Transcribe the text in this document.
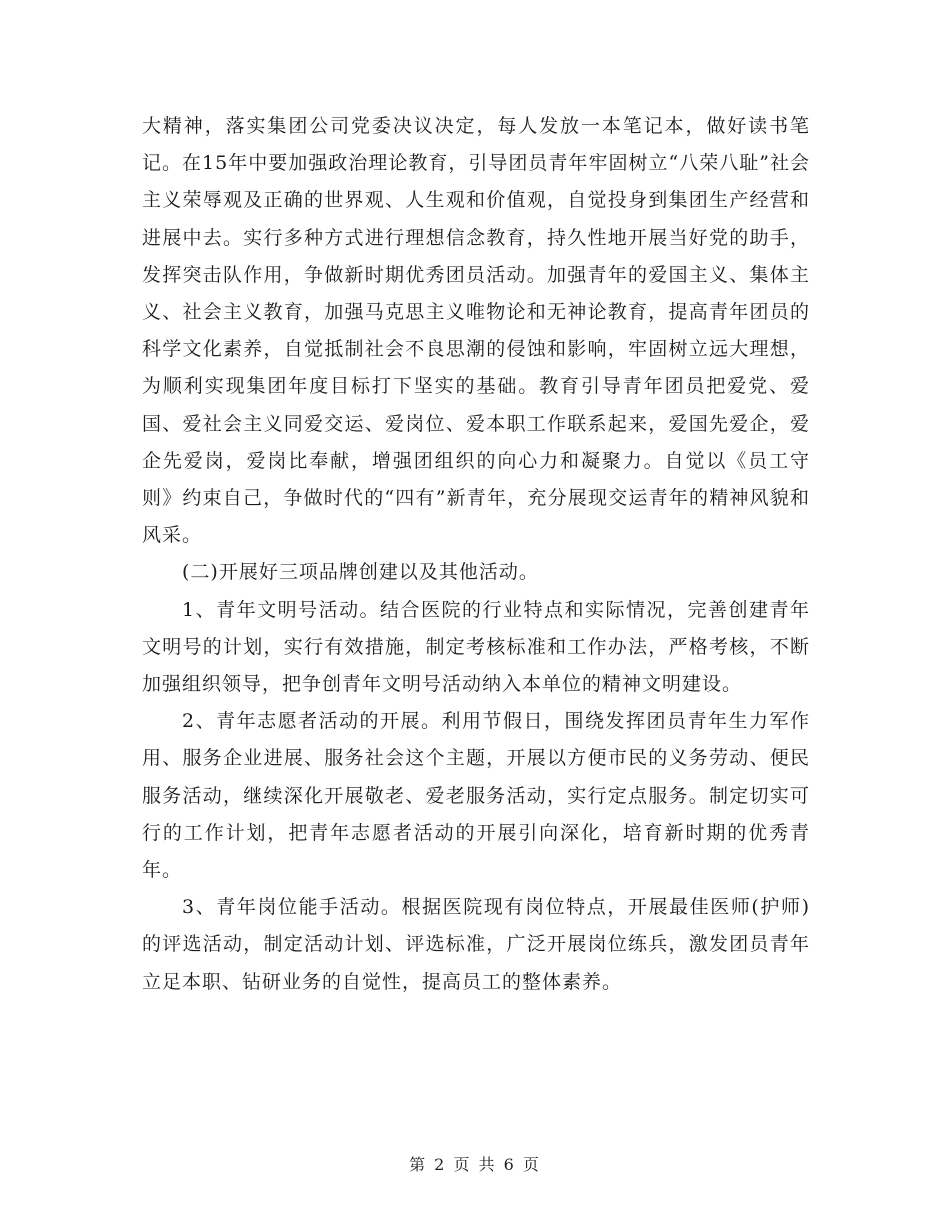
大精神，落实集团公司党委决议决定，每人发放一本笔记本，做好读书笔记。在15年中要加强政治理论教育，引导团员青年牢固树立“八荣八耻”社会主义荣辱观及正确的世界观、人生观和价值观，自觉投身到集团生产经营和进展中去。实行多种方式进行理想信念教育，持久性地开展当好党的助手，发挥突击队作用，争做新时期优秀团员活动。加强青年的爱国主义、集体主义、社会主义教育，加强马克思主义唯物论和无神论教育，提高青年团员的科学文化素养，自觉抵制社会不良思潮的侵蚀和影响，牢固树立远大理想，为顺利实现集团年度目标打下坚实的基础。教育引导青年团员把爱党、爱国、爱社会主义同爱交运、爱岗位、爱本职工作联系起来，爱国先爱企，爱企先爱岗，爱岗比奉献，增强团组织的向心力和凝聚力。自觉以《员工守则》约束自己，争做时代的“四有”新青年，充分展现交运青年的精神风貌和风采。

(二)开展好三项品牌创建以及其他活动。

1、青年文明号活动。结合医院的行业特点和实际情况，完善创建青年文明号的计划，实行有效措施，制定考核标准和工作办法，严格考核，不断加强组织领导，把争创青年文明号活动纳入本单位的精神文明建设。

2、青年志愿者活动的开展。利用节假日，围绕发挥团员青年生力军作用、服务企业进展、服务社会这个主题，开展以方便市民的义务劳动、便民服务活动，继续深化开展敬老、爱老服务活动，实行定点服务。制定切实可行的工作计划，把青年志愿者活动的开展引向深化，培育新时期的优秀青年。

3、青年岗位能手活动。根据医院现有岗位特点，开展最佳医师(护师)的评选活动，制定活动计划、评选标准，广泛开展岗位练兵，激发团员青年立足本职、钻研业务的自觉性，提高员工的整体素养。

第 2 页 共 6 页
